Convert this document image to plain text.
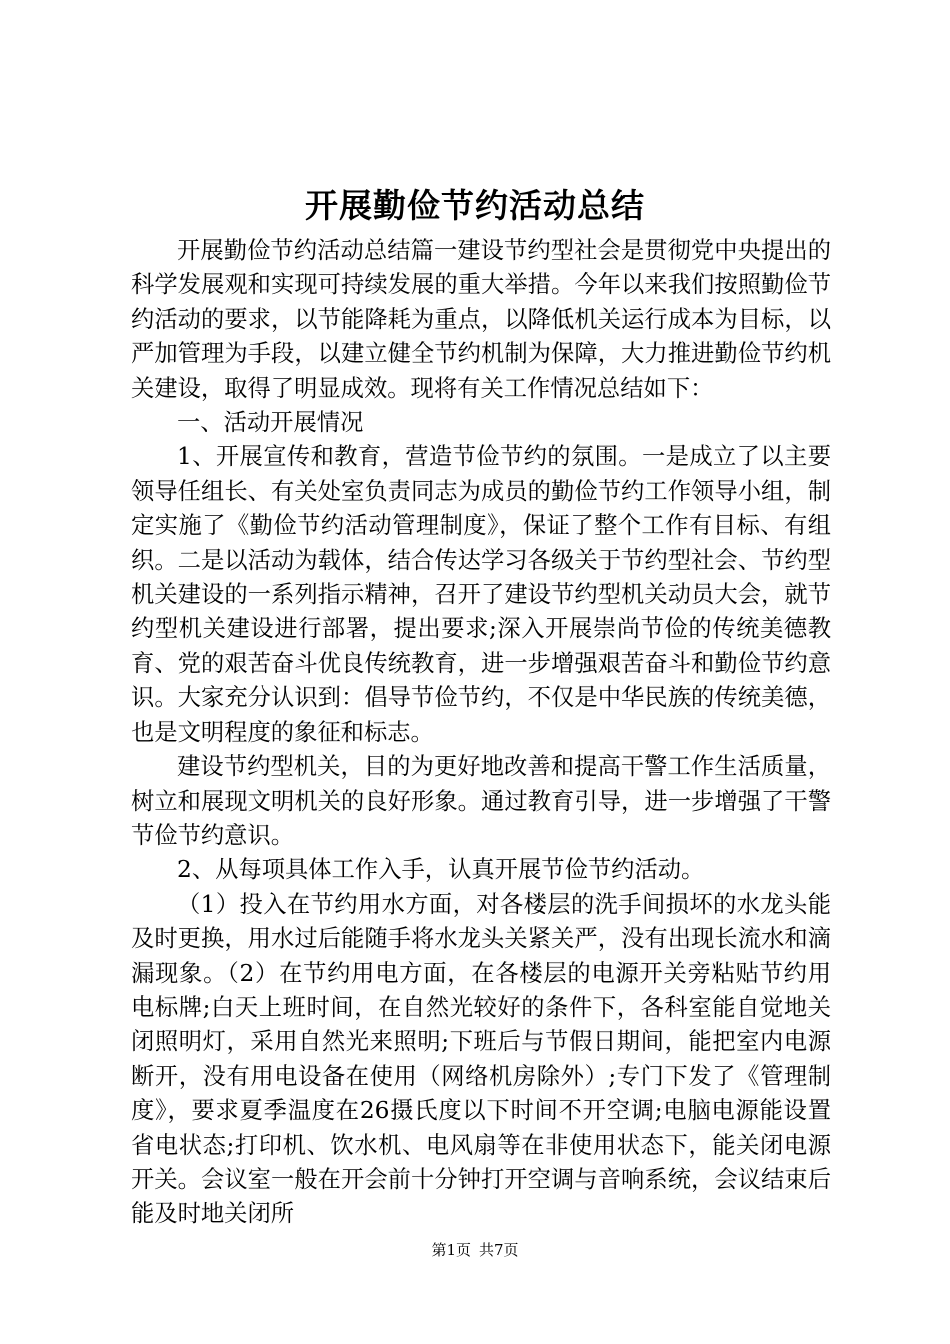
开展勤俭节约活动总结

开展勤俭节约活动总结篇一建设节约型社会是贯彻党中央提出的科学发展观和实现可持续发展的重大举措。今年以来我们按照勤俭节约活动的要求，以节能降耗为重点，以降低机关运行成本为目标，以严加管理为手段，以建立健全节约机制为保障，大力推进勤俭节约机关建设，取得了明显成效。现将有关工作情况总结如下：

一、活动开展情况

1、开展宣传和教育，营造节俭节约的氛围。一是成立了以主要领导任组长、有关处室负责同志为成员的勤俭节约工作领导小组，制定实施了《勤俭节约活动管理制度》，保证了整个工作有目标、有组织。二是以活动为载体，结合传达学习各级关于节约型社会、节约型机关建设的一系列指示精神，召开了建设节约型机关动员大会，就节约型机关建设进行部署，提出要求;深入开展崇尚节俭的传统美德教育、党的艰苦奋斗优良传统教育，进一步增强艰苦奋斗和勤俭节约意识。大家充分认识到：倡导节俭节约，不仅是中华民族的传统美德，也是文明程度的象征和标志。

建设节约型机关，目的为更好地改善和提高干警工作生活质量，树立和展现文明机关的良好形象。通过教育引导，进一步增强了干警节俭节约意识。

2、从每项具体工作入手，认真开展节俭节约活动。

（1）投入在节约用水方面，对各楼层的洗手间损坏的水龙头能及时更换，用水过后能随手将水龙头关紧关严，没有出现长流水和滴漏现象。（2）在节约用电方面，在各楼层的电源开关旁粘贴节约用电标牌;白天上班时间，在自然光较好的条件下，各科室能自觉地关闭照明灯，采用自然光来照明;下班后与节假日期间，能把室内电源断开，没有用电设备在使用（网络机房除外）;专门下发了《管理制度》，要求夏季温度在26摄氏度以下时间不开空调;电脑电源能设置省电状态;打印机、饮水机、电风扇等在非使用状态下，能关闭电源开关。会议室一般在开会前十分钟打开空调与音响系统，会议结束后能及时地关闭所

第1页 共7页
